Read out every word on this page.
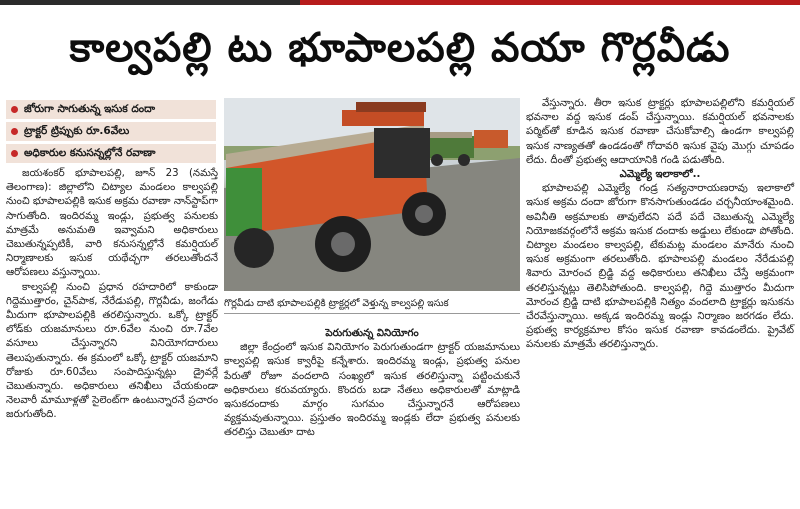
కాల్వపల్లి టు భూపాలపల్లి వయా గొర్లవీడు
జోరుగా సాగుతున్న ఇసుక దందా
ట్రాక్టర్ ట్రిప్పుకు రూ.6వేలు
అధికారుల కనుసన్నల్లోనే రవాణా

జయశంకర్ భూపాలపల్లి, జూన్ 23 (నమస్తే తెలంగాణ): జిల్లాలోని చిట్యాల మండలం కాల్వపల్లి నుంచి భూపాలపల్లికి ఇసుక అక్రమ రవాణా నాన్‌స్టాప్‌గా సాగుతోంది. ఇందిరమ్మ ఇండ్లు, ప్రభుత్వ పనులకు మాత్రమే అనుమతి ఇవ్వామని అధికారులు చెబుతున్నప్పటికీ, వారి కనుసన్నల్లోనే కమర్షియల్ నిర్మాణాలకు ఇసుక యథేచ్ఛగా తరలుతోందనే ఆరోపణలు వస్తున్నాయి.

కాల్వపల్లి నుంచి ప్రధాన రహదారిలో కాకుండా గిద్దెముత్తారం, చైన్‌పాక, నేరేడుపల్లి, గొర్లవీడు, జంగేడు మీదుగా భూపాలపల్లికి తరలిస్తున్నారు. ఒక్కో ట్రాక్టర్ లోడ్‌కు యజమానులు రూ.6వేల నుంచి రూ.7వేల వసూలు చేస్తున్నారని వినియోగదారులు తెలుపుతున్నారు. ఈ క్రమంలో ఒక్కో ట్రాక్టర్ యజమాని రోజుకు రూ.60వేలు సంపాదిస్తున్నట్లు డ్రైవర్లే చెబుతున్నారు. అధికారులు తనిఖీలు చేయకుండా నెలవారీ మామూళ్లతో సైలెంట్‌గా ఉంటున్నారనే ప్రచారం జరుగుతోంది.

గొర్లవీడు దాటి భూపాలపల్లికి ట్రాక్టర్లలో వెళ్తున్న కాల్వపల్లి ఇసుక

పెరుగుతున్న వినియోగం

జిల్లా కేంద్రంలో ఇసుక వినియోగం పెరుగుతుండగా ట్రాక్టర్ యజమానులు కాల్వపల్లి ఇసుక క్వారీపై కన్నేశారు. ఇందిరమ్మ ఇండ్లు, ప్రభుత్వ పనుల పేరుతో రోజూ వందలాది సంఖ్యలో ఇసుక తరలిస్తున్నా పట్టించుకునే అధికారులు కరువయ్యారు. కొందరు బడా నేతలు అధికారులతో మాట్లాడి ఇసుకదందాకు మార్గం సుగమం చేస్తున్నారనే ఆరోపణలు వ్యక్తమవుతున్నాయి. ప్రస్తుతం ఇందిరమ్మ ఇండ్లకు లేదా ప్రభుత్వ పనులకు తరలిస్తు చెబుతూ దాట

వేస్తున్నారు. తీరా ఇసుక ట్రాక్టర్లు భూపాలపల్లిలోని కమర్షియల్ భవనాల వద్ద ఇసుక డంప్ చేస్తున్నాయి. కమర్షియల్ భవనాలకు పర్మిట్‌తో కూడిన ఇసుక రవాణా చేసుకోవాల్సి ఉండగా కాల్వపల్లి ఇసుక నాణ్యతతో ఉండడంతో గోదావరి ఇసుక వైపు మొగ్గు చూపడం లేదు. దీంతో ప్రభుత్వ ఆదాయానికి గండి పడుతోంది.

ఎమ్మెల్యే ఇలాకాలో..

భూపాలపల్లి ఎమ్మెల్యే గండ్ర సత్యనారాయణరావు ఇలాకాలో ఇసుక అక్రమ దందా జోరుగా కొనసాగుతుండడం చర్చనీయాంశమైంది. అవినీతి అక్రమాలకు తావులేదని పదే పదే చెబుతున్న ఎమ్మెల్యే నియోజకవర్గంలోనే అక్రమ ఇసుక దందాకు అడ్డులు లేకుండా పోతోంది. చిట్యాల మండలం కాల్వపల్లి, టేకుమట్ల మండలం మానేరు నుంచి ఇసుక అక్రమంగా తరలుతోంది. భూపాలపల్లి మండలం నేరేడుపల్లి శివారు మోరంచ బ్రిడ్జి వద్ద అధికారులు తనిఖీలు చేస్తే అక్రమంగా తరలిస్తున్నట్లు తెలిసిపోతుంది. కాల్వపల్లి, గిద్దె ముత్తారం మీదుగా మోరంచ బ్రిడ్జి దాటి భూపాలపల్లికి నిత్యం వందలాది ట్రాక్టర్లు ఇసుకను చేరవేస్తున్నాయి. అక్కడ ఇందిరమ్మ ఇండ్లు నిర్మాణం జరగడం లేదు. ప్రభుత్వ కార్యక్రమాల కోసం ఇసుక రవాణా కావడంలేదు. ప్రైవేట్ పనులకు మాత్రమే తరలిస్తున్నారు.
